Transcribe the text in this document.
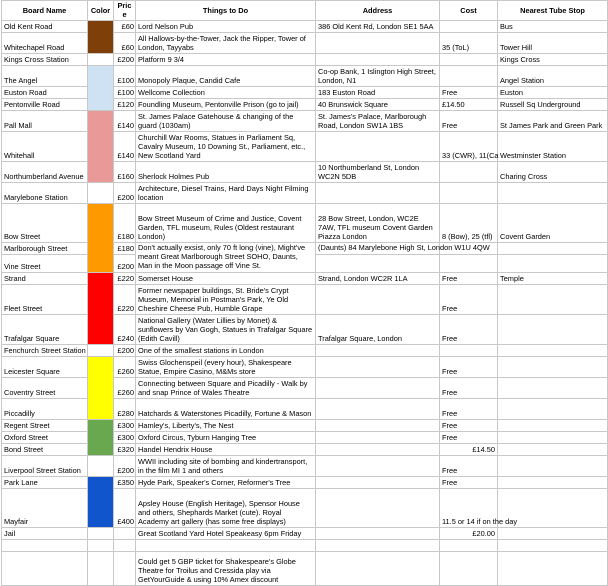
Board Name	Color	Price	Things to Do	Address	Cost	Nearest Tube Stop
Old Kent Road		£60	Lord Nelson Pub	386 Old Kent Rd, London SE1 5AA		Bus
Whitechapel Road		£60	All Hallows-by-the-Tower, Jack the Ripper, Tower of London, Tayyabs		35 (ToL)	Tower Hill
Kings Cross Station		£200	Platform 9 3/4			Kings Cross
The Angel		£100	Monopoly Plaque, Candid Cafe	Co-op Bank, 1 Islington High Street, London, N1		Angel Station
Euston Road		£100	Wellcome Collection	183 Euston Road	Free	Euston
Pentonville Road		£120	Foundling Museum, Pentonville Prison (go to jail)	40 Brunswick Square	£14.50	Russell Sq Underground
Pall Mall		£140	St. James Palace Gatehouse & changing of the guard (1030am)	St. James's Palace, Marlborough Road, London SW1A 1BS	Free	St James Park and Green Park
Whitehall		£140	Churchill War Rooms, Statues in Parliament Sq, Cavalry Museum, 10 Downing St., Parliament, etc., New Scotland Yard		33 (CWR), 11(Ca	Westminster Station
Northumberland Avenue		£160	Sherlock Holmes Pub	10 Northumberland St, London WC2N 5DB		Charing Cross
Marylebone Station		£200	Architecture, Diesel Trains, Hard Days Night Filming location			
Bow Street		£180	Bow Street Museum of Crime and Justice, Covent Garden, TFL museum, Rules (Oldest restaurant London)	28 Bow Street, London, WC2E 7AW, TFL museum Covent Garden Piazza London	8 (Bow), 25 (tfl)	Covent Garden
Marlborough Street		£180	Don't actually exsist, only 70 ft long (vine), Might've meant Great Marlborough Street SOHO, Daunts, Man in the Moon passage off Vine St.	(Daunts) 84 Marylebone High St, London W1U 4QW		
Vine Street		£200				
Strand		£220	Somerset House	Strand, London WC2R 1LA	Free	Temple
Fleet Street		£220	Former newspaper buildings, St. Bride's Crypt Museum, Memorial in Postman's Park, Ye Old Cheshire Cheese Pub, Humble Grape		Free	
Trafalgar Square		£240	National Gallery (Water Lillies by Monet) & sunflowers by Van Gogh, Statues in Trafalgar Square (Edith Cavill)	Trafalgar Square, London	Free	
Fenchurch Street Station		£200	One of the smallest stations in London			
Leicester Square		£260	Swiss Glochenspeil (every hour), Shakespeare Statue, Empire Casino, M&Ms store		Free	
Coventry Street		£260	Connecting between Square and Picadilly - Walk by and snap Prince of Wales Theatre		Free	
Piccadilly		£280	Hatchards & Waterstones Picadilly, Fortune & Mason		Free	
Regent Street		£300	Hamley's, Liberty's, The Nest		Free	
Oxford Street		£300	Oxford Circus, Tyburn Hanging Tree		Free	
Bond Street		£320	Handel Hendrix House		£14.50	
Liverpool Street Station		£200	WWII including site of bombing and kindertransport, in the film MI 1 and others		Free	
Park Lane		£350	Hyde Park, Speaker's Corner, Reformer's Tree		Free	
Mayfair		£400	Apsley House (English Heritage), Spensor House and others, Shephards Market (cute). Royal Academy art gallery (has some free displays)		11.5 or 14 if on the day	
Jail			Great Scotland Yard Hotel Speakeasy 6pm Friday		£20.00	

			Could get 5 GBP ticket for Shakespeare's Globe Theatre for Troilus and Cressida play via GetYourGuide & using 10% Amex discount			
